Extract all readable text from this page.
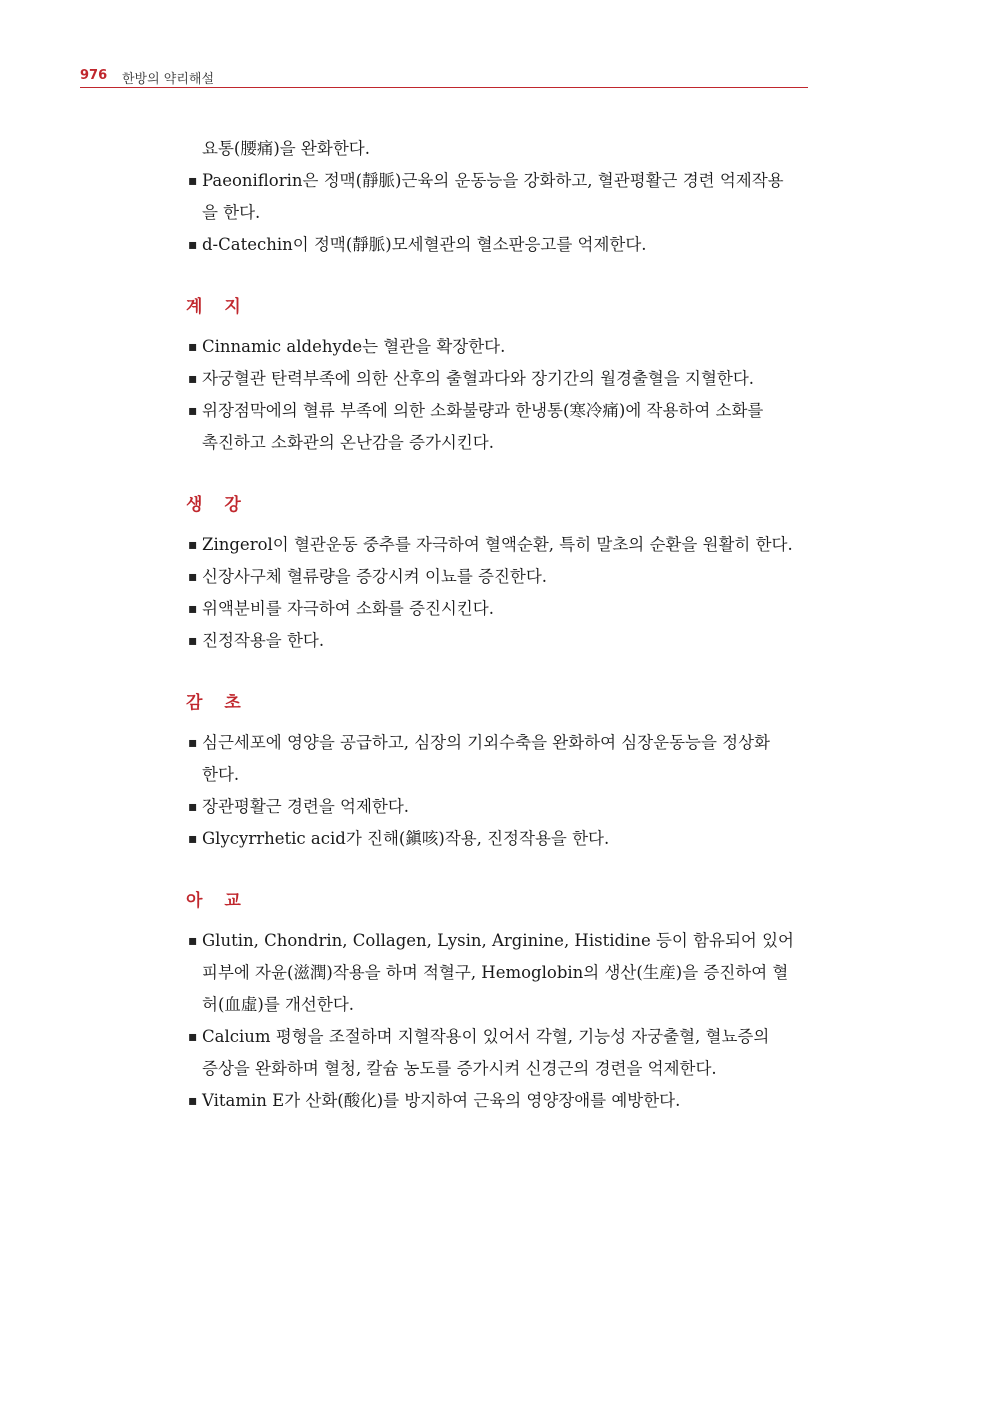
976 한방의 약리해설
요통(腰痛)을 완화한다.
▪ Paeoniflorin은 정맥(靜脈)근육의 운동능을 강화하고, 혈관평활근 경련 억제작용
을 한다.
▪ d-Catechin이 정맥(靜脈)모세혈관의 혈소판응고를 억제한다.
계 지
▪ Cinnamic aldehyde는 혈관을 확장한다.
▪ 자궁혈관 탄력부족에 의한 산후의 출혈과다와 장기간의 월경출혈을 지혈한다.
▪ 위장점막에의 혈류 부족에 의한 소화불량과 한냉통(寒冷痛)에 작용하여 소화를
촉진하고 소화관의 온난감을 증가시킨다.
생 강
▪ Zingerol이 혈관운동 중추를 자극하여 혈액순환, 특히 말초의 순환을 원활히 한다.
▪ 신장사구체 혈류량을 증강시켜 이뇨를 증진한다.
▪ 위액분비를 자극하여 소화를 증진시킨다.
▪ 진정작용을 한다.
감 초
▪ 심근세포에 영양을 공급하고, 심장의 기외수축을 완화하여 심장운동능을 정상화
한다.
▪ 장관평활근 경련을 억제한다.
▪ Glycyrrhetic acid가 진해(鎭咳)작용, 진정작용을 한다.
아 교
▪ Glutin, Chondrin, Collagen, Lysin, Arginine, Histidine 등이 함유되어 있어
피부에 자윤(滋潤)작용을 하며 적혈구, Hemoglobin의 생산(生産)을 증진하여 혈
허(血虛)를 개선한다.
▪ Calcium 평형을 조절하며 지혈작용이 있어서 각혈, 기능성 자궁출혈, 혈뇨증의
증상을 완화하며 혈청, 칼슘 농도를 증가시켜 신경근의 경련을 억제한다.
▪ Vitamin E가 산화(酸化)를 방지하여 근육의 영양장애를 예방한다.
